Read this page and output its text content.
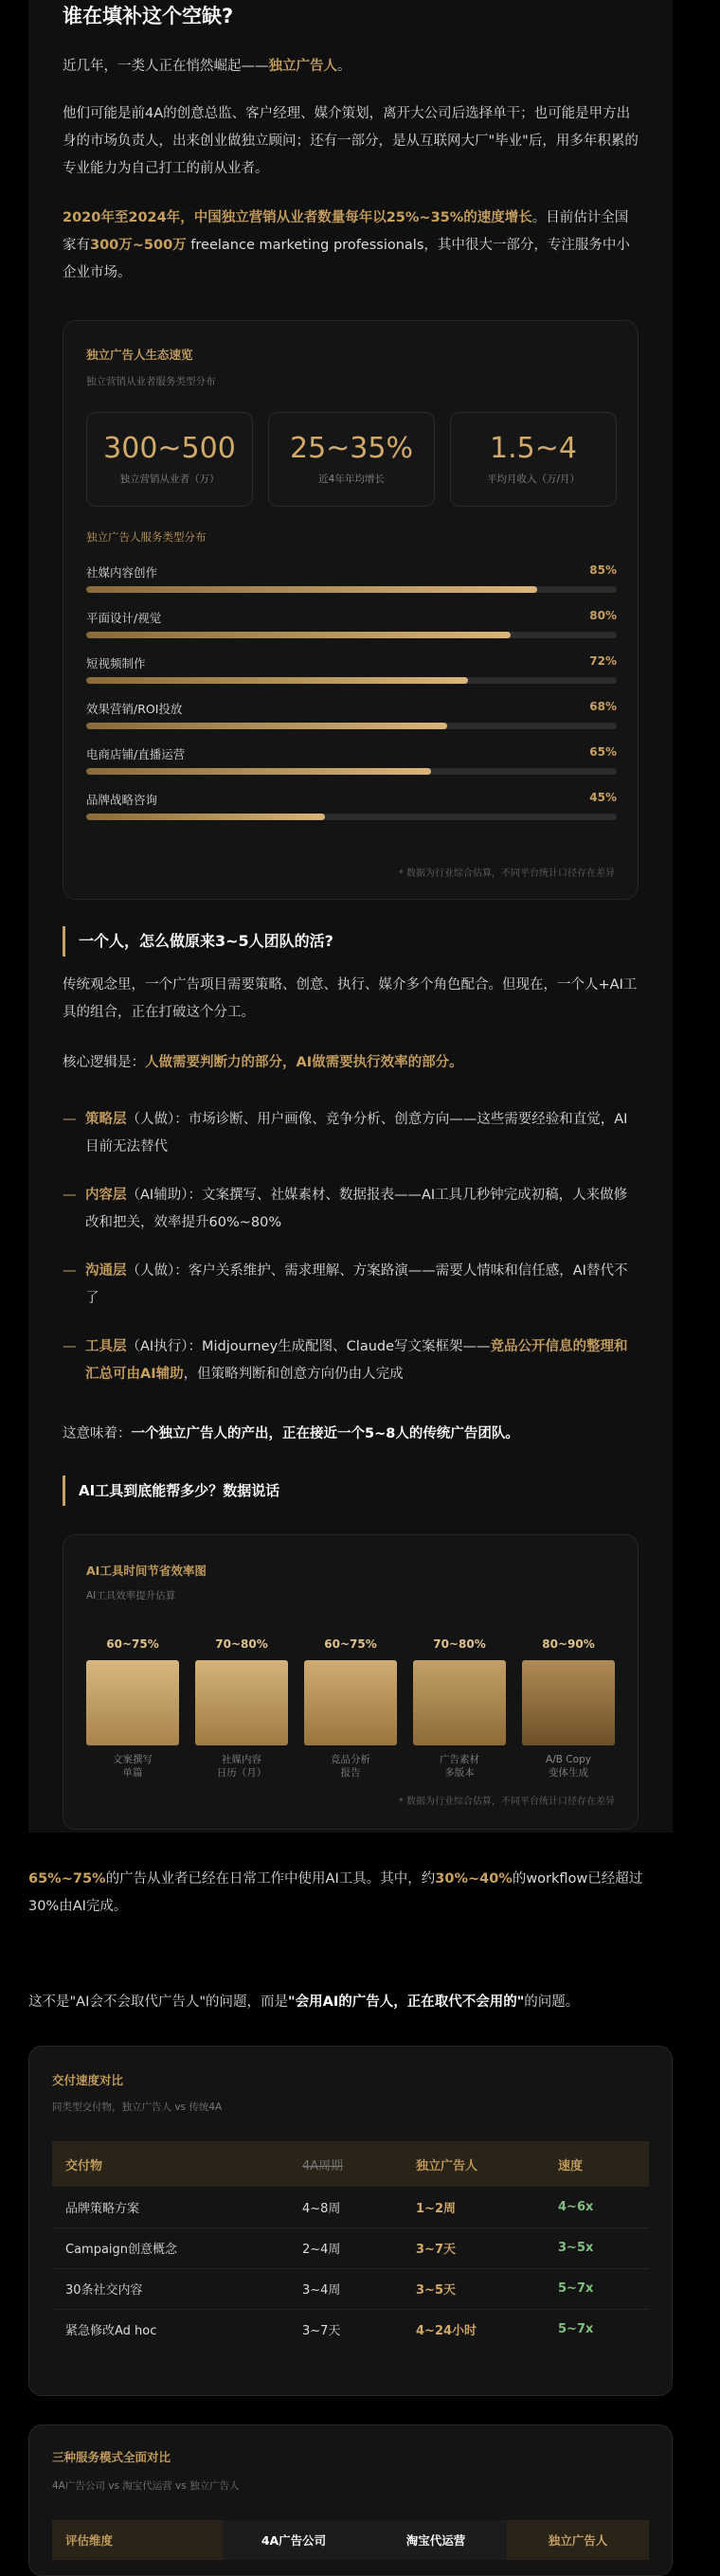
谁在填补这个空缺?
近几年，一类人正在悄然崛起——独立广告人。
他们可能是前4A的创意总监、客户经理、媒介策划，离开大公司后选择单干；也可能是甲方出身的市场负责人，出来创业做独立顾问；还有一部分，是从互联网大厂"毕业"后，用多年积累的专业能力为自己打工的前从业者。
2020年至2024年，中国独立营销从业者数量每年以25%~35%的速度增长。目前估计全国家有300万~500万 freelance marketing professionals，其中很大一部分，专注服务中小企业市场。
独立广告人生态速览
独立营销从业者服务类型分布
300~500
独立营销从业者（万）
25~35%
近4年年均增长
1.5~4
平均月收入（万/月）
独立广告人服务类型分布
社媒内容创作	85%
平面设计/视觉	80%
短视频制作	72%
效果营销/ROI投放	68%
电商店铺/直播运营	65%
品牌战略咨询	45%
* 数据为行业综合估算，不同平台统计口径存在差异
一个人，怎么做原来3~5人团队的活?
传统观念里，一个广告项目需要策略、创意、执行、媒介多个角色配合。但现在，一个人+AI工具的组合，正在打破这个分工。
核心逻辑是：人做需要判断力的部分，AI做需要执行效率的部分。
— 策略层（人做）：市场诊断、用户画像、竞争分析、创意方向——这些需要经验和直觉，AI目前无法替代
— 内容层（AI辅助）：文案撰写、社媒素材、数据报表——AI工具几秒钟完成初稿，人来做修改和把关，效率提升60%~80%
— 沟通层（人做）：客户关系维护、需求理解、方案路演——需要人情味和信任感，AI替代不了
— 工具层（AI执行）：Midjourney生成配图、Claude写文案框架——竞品公开信息的整理和汇总可由AI辅助，但策略判断和创意方向仍由人完成
这意味着：一个独立广告人的产出，正在接近一个5~8人的传统广告团队。
AI工具到底能帮多少？数据说话
AI工具时间节省效率图
AI工具效率提升估算
60~75%	70~80%	60~75%	70~80%	80~90%
文案撰写
单篇
社媒内容
日历（月）
竞品分析
报告
广告素材
多版本
A/B Copy
变体生成
* 数据为行业综合估算，不同平台统计口径存在差异
65%~75%的广告从业者已经在日常工作中使用AI工具。其中，约30%~40%的workflow已经超过30%由AI完成。
这不是"AI会不会取代广告人"的问题，而是"会用AI的广告人，正在取代不会用的"的问题。
交付速度对比
同类型交付物，独立广告人 vs 传统4A
交付物	4A周期	独立广告人	速度
品牌策略方案	4~8周	1~2周	4~6x
Campaign创意概念	2~4周	3~7天	3~5x
30条社交内容	3~4周	3~5天	5~7x
紧急修改Ad hoc	3~7天	4~24小时	5~7x
三种服务模式全面对比
4A广告公司 vs 淘宝代运营 vs 独立广告人
评估维度	4A广告公司	淘宝代运营	独立广告人
